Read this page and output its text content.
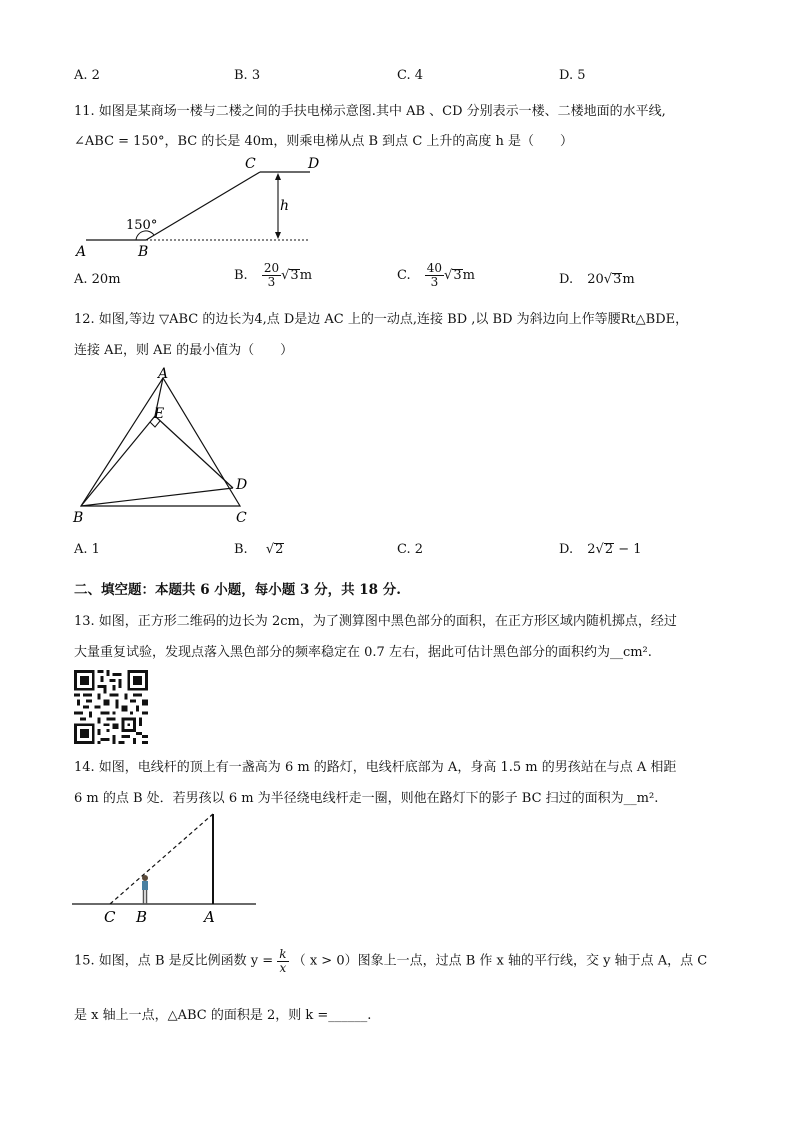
A. 2	B. 3	C. 4	D. 5
11. 如图是某商场一楼与二楼之间的手扶电梯示意图.其中 AB 、CD 分别表示一楼、二楼地面的水平线,
∠ABC = 150°，BC 的长是 40m，则乘电梯从点 B 到点 C 上升的高度 h 是（　　）
150°
A	B
C	D
h
A. 20m	B. $\frac{20}{3} √3m$	C. $\frac{40}{3} √3m$	D. 20√3m
12. 如图,等边 ▽ABC 的边长为4,点 D是边 AC 上的一动点,连接 BD ,以 BD 为斜边向上作等腰Rt△BDE，
连接 AE，则 AE 的最小值为（　　）
A
E
D
B	C
A. 1	B. √2	C. 2	D. 2√2 − 1
二、填空题：本题共 6 小题，每小题 3 分，共 18 分.
13. 如图，正方形二维码的边长为 2cm，为了测算图中黑色部分的面积，在正方形区域内随机掷点，经过
大量重复试验，发现点落入黑色部分的频率稳定在 0.7 左右，据此可估计黑色部分的面积约为__cm².
14. 如图，电线杆的顶上有一盏高为 6 m 的路灯，电线杆底部为 A，身高 1.5 m 的男孩站在与点 A 相距
6 m 的点 B 处．若男孩以 6 m 为半径绕电线杆走一圈，则他在路灯下的影子 BC 扫过的面积为__m².
C B	A
15. 如图，点 B 是反比例函数 $y = \frac{k}{x}$ （ x > 0）图象上一点，过点 B 作 x 轴的平行线，交 y 轴于点 A，点 C
是 x 轴上一点，△ABC 的面积是 2，则 k =______.
